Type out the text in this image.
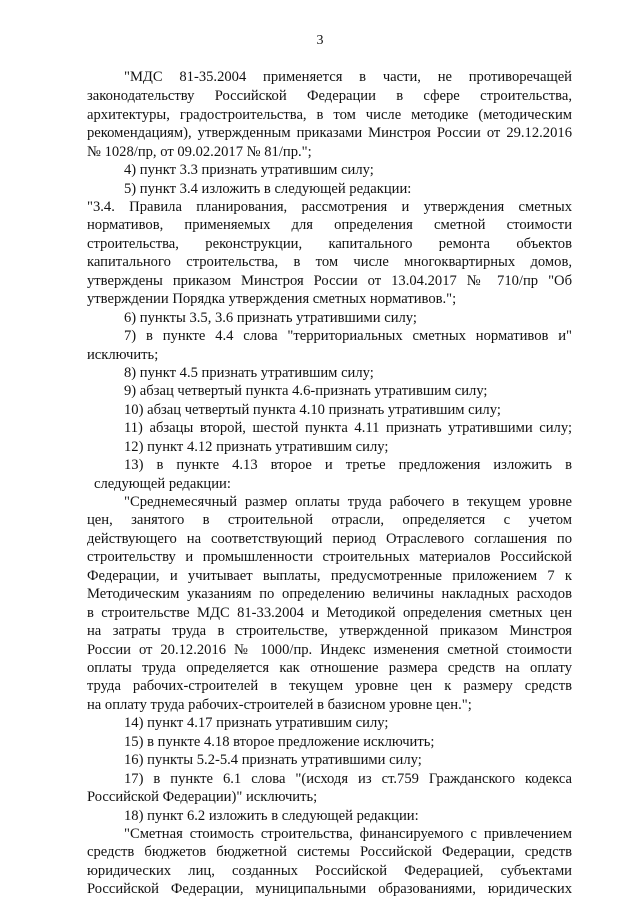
3
"МДС 81-35.2004 применяется в части, не противоречащей
законодательству Российской Федерации в сфере строительства,
архитектуры, градостроительства, в том числе методике (методическим
рекомендациям), утвержденным приказами Минстроя России от 29.12.2016
№ 1028/пр, от 09.02.2017 № 81/пр.";
4) пункт 3.3 признать утратившим силу;
5) пункт 3.4 изложить в следующей редакции:
"3.4. Правила планирования, рассмотрения и утверждения сметных
нормативов, применяемых для определения сметной стоимости
строительства, реконструкции, капитального ремонта объектов
капитального строительства, в том числе многоквартирных домов,
утверждены приказом Минстроя России от 13.04.2017 № 710/пр "Об
утверждении Порядка утверждения сметных нормативов.";
6) пункты 3.5, 3.6 признать утратившими силу;
7) в пункте 4.4 слова "территориальных сметных нормативов и"
исключить;
8) пункт 4.5 признать утратившим силу;
9) абзац четвертый пункта 4.6-признать утратившим силу;
10) абзац четвертый пункта 4.10 признать утратившим силу;
11) абзацы второй, шестой пункта 4.11 признать утратившими силу;
12) пункт 4.12 признать утратившим силу;
13) в пункте 4.13 второе и третье предложения изложить в
следующей редакции:
"Среднемесячный размер оплаты труда рабочего в текущем уровне
цен, занятого в строительной отрасли, определяется с учетом
действующего на соответствующий период Отраслевого соглашения по
строительству и промышленности строительных материалов Российской
Федерации, и учитывает выплаты, предусмотренные приложением 7 к
Методическим указаниям по определению величины накладных расходов
в строительстве МДС 81-33.2004 и Методикой определения сметных цен
на затраты труда в строительстве, утвержденной приказом Минстроя
России от 20.12.2016 № 1000/пр. Индекс изменения сметной стоимости
оплаты труда определяется как отношение размера средств на оплату
труда рабочих-строителей в текущем уровне цен к размеру средств
на оплату труда рабочих-строителей в базисном уровне цен.";
14) пункт 4.17 признать утратившим силу;
15) в пункте 4.18 второе предложение исключить;
16) пункты 5.2-5.4 признать утратившими силу;
17) в пункте 6.1 слова "(исходя из ст.759 Гражданского кодекса
Российской Федерации)" исключить;
18) пункт 6.2 изложить в следующей редакции:
"Сметная стоимость строительства, финансируемого с привлечением
средств бюджетов бюджетной системы Российской Федерации, средств
юридических лиц, созданных Российской Федерацией, субъектами
Российской Федерации, муниципальными образованиями, юридических
